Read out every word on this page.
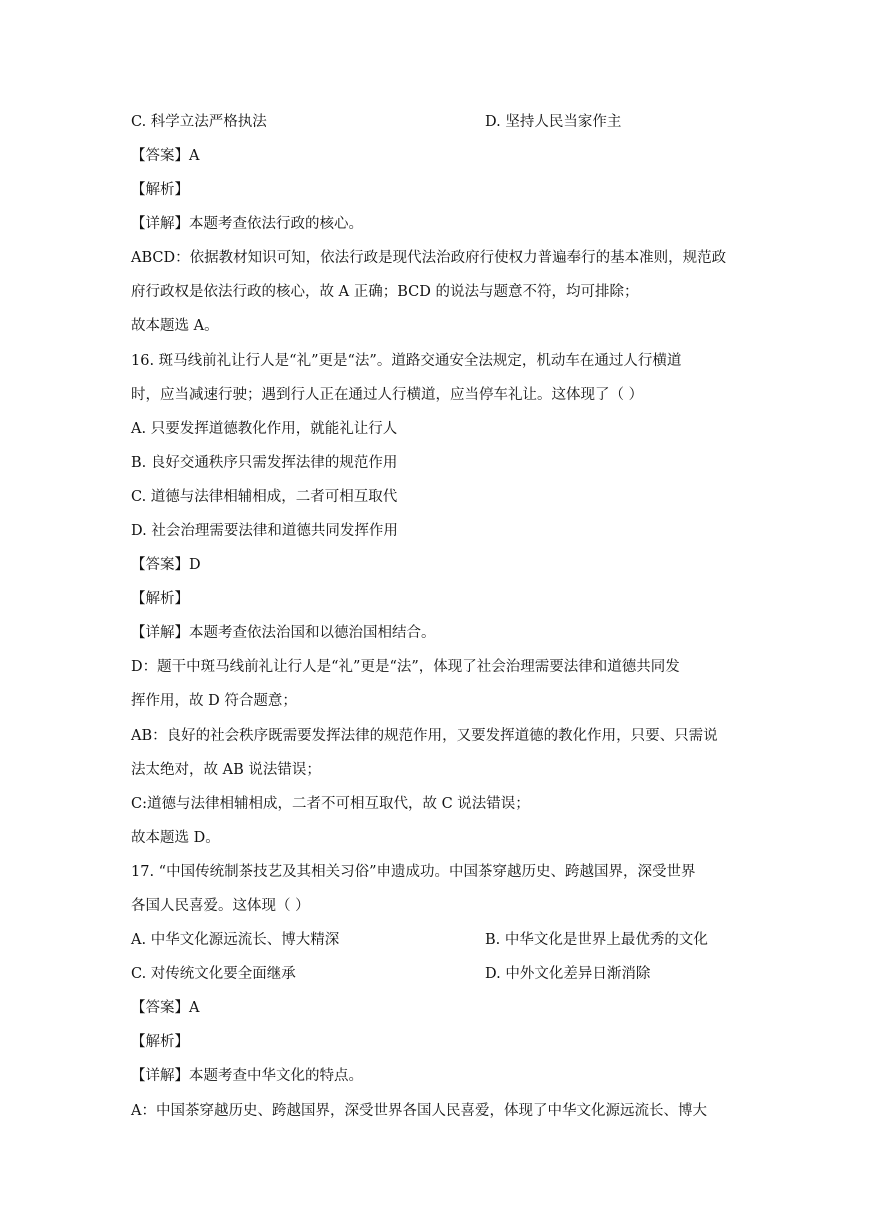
C. 科学立法严格执法	D. 坚持人民当家作主
【答案】A
【解析】
【详解】本题考查依法行政的核心。
ABCD：依据教材知识可知，依法行政是现代法治政府行使权力普遍奉行的基本准则，规范政
府行政权是依法行政的核心，故 A 正确；BCD 的说法与题意不符，均可排除；
故本题选 A。
16. 斑马线前礼让行人是“礼”更是“法”。道路交通安全法规定，机动车在通过人行横道
时，应当减速行驶；遇到行人正在通过人行横道，应当停车礼让。这体现了（ ）
A. 只要发挥道德教化作用，就能礼让行人
B. 良好交通秩序只需发挥法律的规范作用
C. 道德与法律相辅相成，二者可相互取代
D. 社会治理需要法律和道德共同发挥作用
【答案】D
【解析】
【详解】本题考查依法治国和以德治国相结合。
D：题干中斑马线前礼让行人是“礼”更是“法”，体现了社会治理需要法律和道德共同发
挥作用，故 D 符合题意；
AB：良好的社会秩序既需要发挥法律的规范作用，又要发挥道德的教化作用，只要、只需说
法太绝对，故 AB 说法错误；
C:道德与法律相辅相成，二者不可相互取代，故 C 说法错误；
故本题选 D。
17. “中国传统制茶技艺及其相关习俗”申遗成功。中国茶穿越历史、跨越国界，深受世界
各国人民喜爱。这体现（ ）
A. 中华文化源远流长、博大精深	B. 中华文化是世界上最优秀的文化
C. 对传统文化要全面继承	D. 中外文化差异日渐消除
【答案】A
【解析】
【详解】本题考查中华文化的特点。
A：中国茶穿越历史、跨越国界，深受世界各国人民喜爱，体现了中华文化源远流长、博大
